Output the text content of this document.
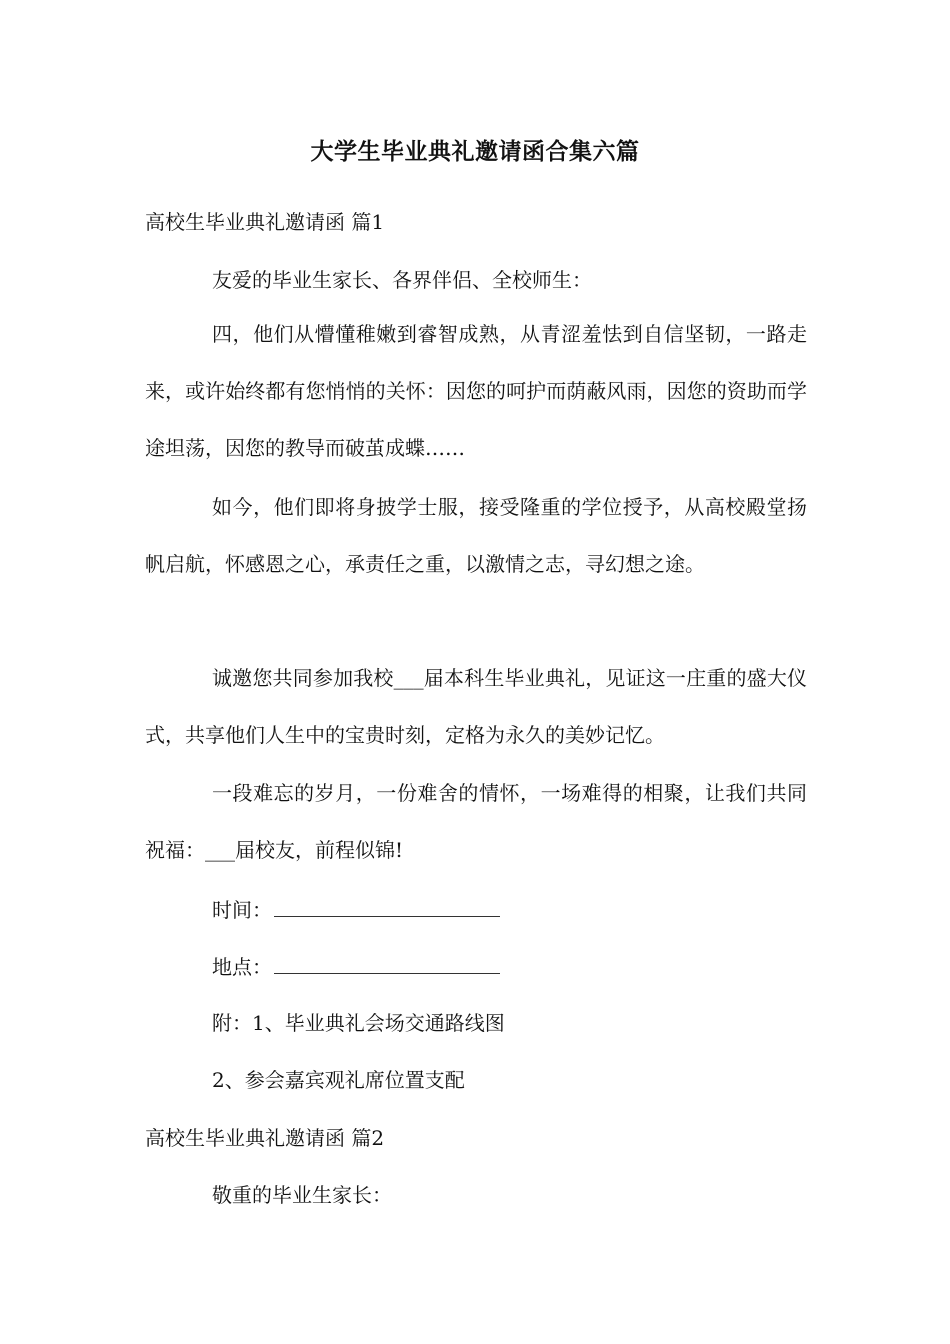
大学生毕业典礼邀请函合集六篇
高校生毕业典礼邀请函 篇1
友爱的毕业生家长、各界伴侣、全校师生：
四，他们从懵懂稚嫩到睿智成熟，从青涩羞怯到自信坚韧，一路走来，或许始终都有您悄悄的关怀：因您的呵护而荫蔽风雨，因您的资助而学途坦荡，因您的教导而破茧成蝶……
如今，他们即将身披学士服，接受隆重的学位授予，从高校殿堂扬帆启航，怀感恩之心，承责任之重，以激情之志，寻幻想之途。
诚邀您共同参加我校___届本科生毕业典礼，见证这一庄重的盛大仪式，共享他们人生中的宝贵时刻，定格为永久的美妙记忆。
一段难忘的岁月，一份难舍的情怀，一场难得的相聚，让我们共同祝福：___届校友，前程似锦!
时间：
地点：
附：1、毕业典礼会场交通路线图
2、参会嘉宾观礼席位置支配
高校生毕业典礼邀请函 篇2
敬重的毕业生家长：
